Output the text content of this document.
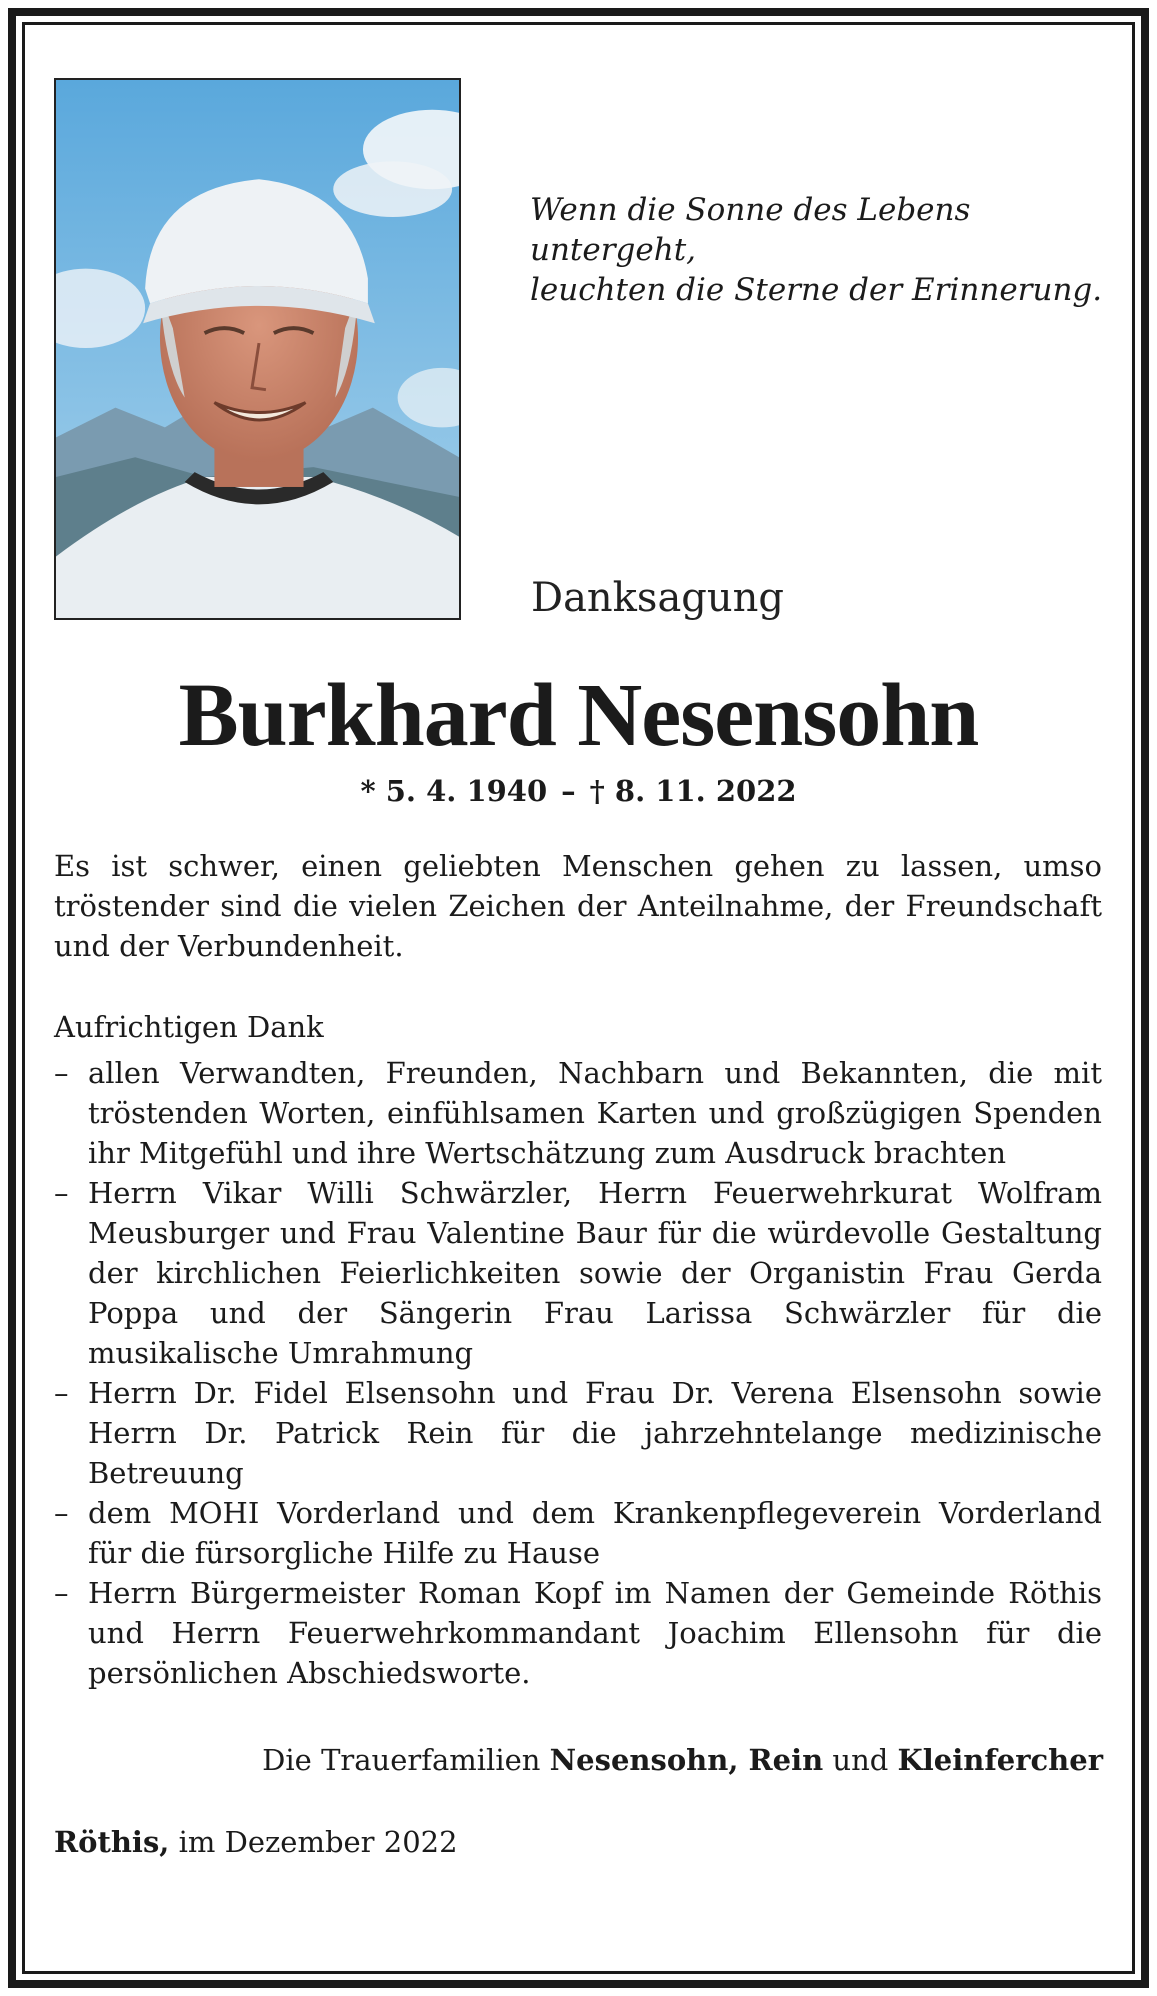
Wenn die Sonne des Lebens untergeht,
leuchten die Sterne der Erinnerung.
Danksagung
Burkhard Nesensohn
* 5. 4. 1940 – † 8. 11. 2022
Es ist schwer, einen geliebten Menschen gehen zu lassen, umso tröstender sind die vielen Zeichen der Anteilnahme, der Freundschaft und der Verbundenheit.
Aufrichtigen Dank
– allen Verwandten, Freunden, Nachbarn und Bekannten, die mit tröstenden Worten, einfühlsamen Karten und großzügigen Spenden ihr Mitgefühl und ihre Wertschätzung zum Ausdruck brachten
– Herrn Vikar Willi Schwärzler, Herrn Feuerwehrkurat Wolfram Meusburger und Frau Valentine Baur für die würdevolle Gestaltung der kirchlichen Feierlichkeiten sowie der Organistin Frau Gerda Poppa und der Sängerin Frau Larissa Schwärzler für die musikalische Umrahmung
– Herrn Dr. Fidel Elsensohn und Frau Dr. Verena Elsensohn sowie Herrn Dr. Patrick Rein für die jahrzehntelange medizinische Betreuung
– dem MOHI Vorderland und dem Krankenpflegeverein Vorderland für die fürsorgliche Hilfe zu Hause
– Herrn Bürgermeister Roman Kopf im Namen der Gemeinde Röthis und Herrn Feuerwehrkommandant Joachim Ellensohn für die persönlichen Abschiedsworte.
Die Trauerfamilien Nesensohn, Rein und Kleinfercher
Röthis, im Dezember 2022
